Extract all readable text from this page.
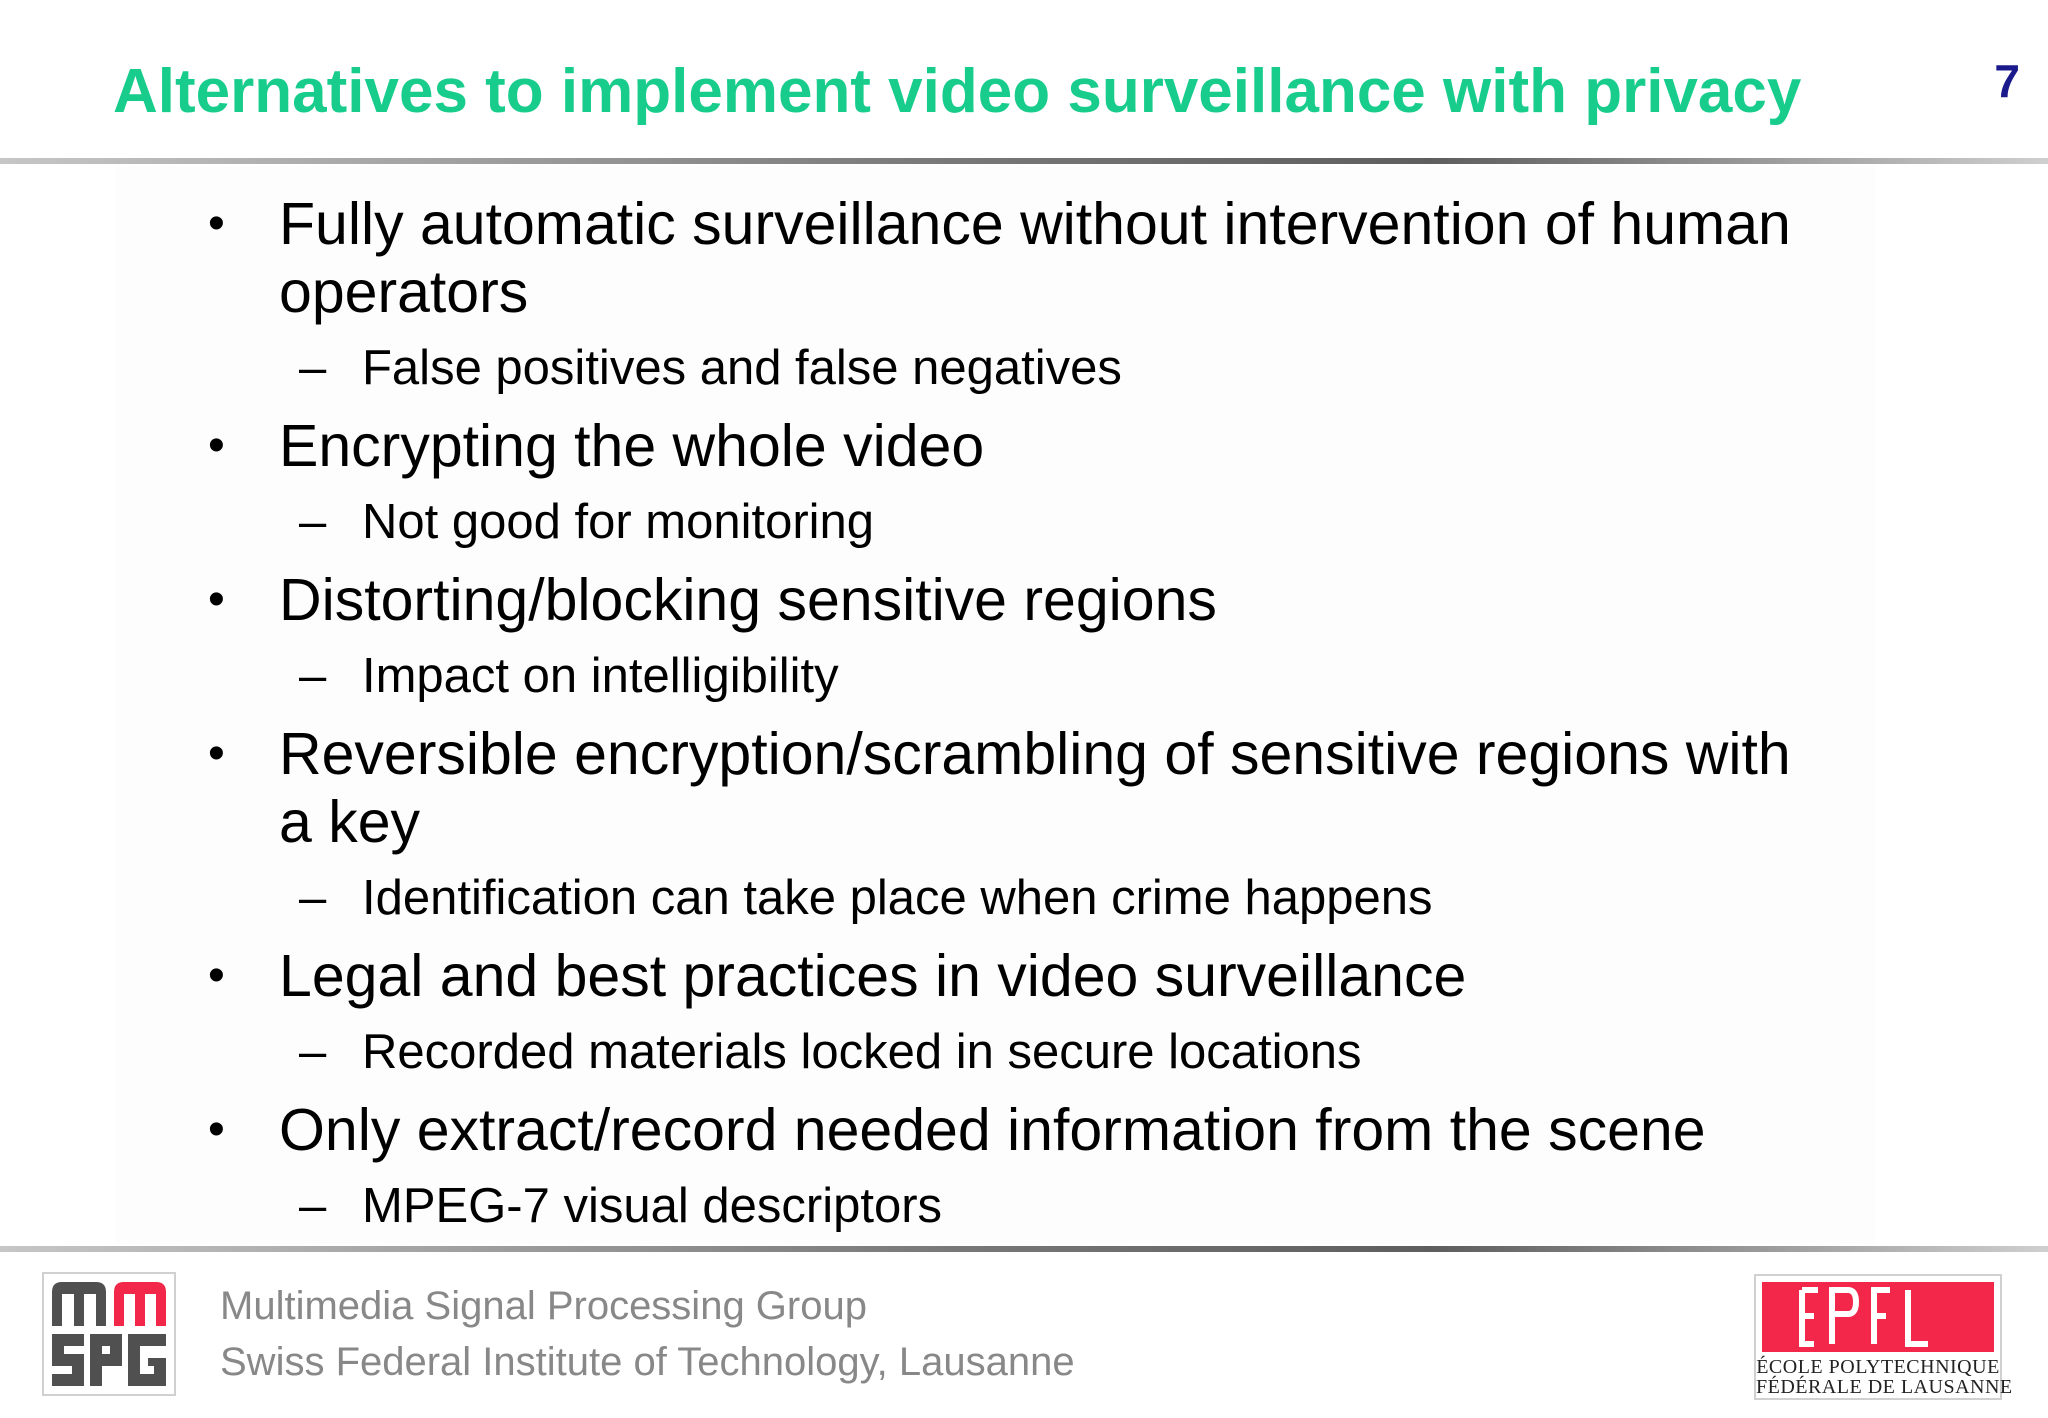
Alternatives to implement video surveillance with privacy	7
• Fully automatic surveillance without intervention of human operators
– False positives and false negatives
• Encrypting the whole video
– Not good for monitoring
• Distorting/blocking sensitive regions
– Impact on intelligibility
• Reversible encryption/scrambling of sensitive regions with a key
– Identification can take place when crime happens
• Legal and best practices in video surveillance
– Recorded materials locked in secure locations
• Only extract/record needed information from the scene
– MPEG-7 visual descriptors
Multimedia Signal Processing Group
Swiss Federal Institute of Technology, Lausanne	ÉCOLE POLYTECHNIQUE
FÉDÉRALE DE LAUSANNE
